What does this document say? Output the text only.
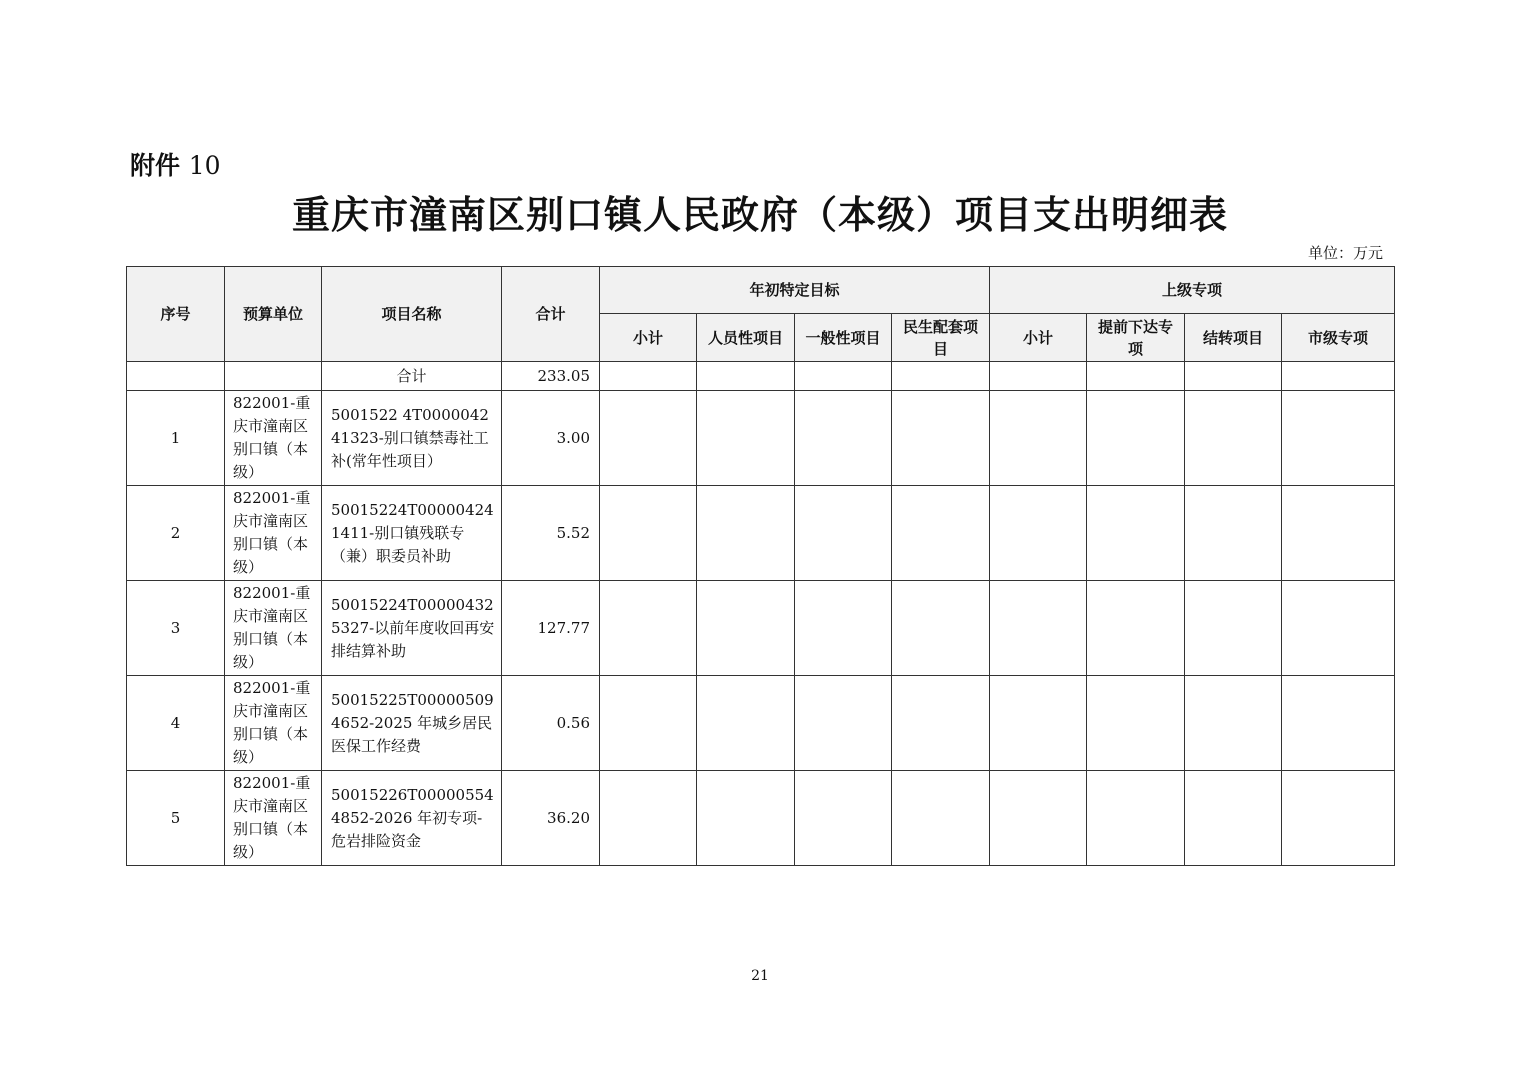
附件 10
重庆市潼南区别口镇人民政府（本级）项目支出明细表
单位：万元
序号	预算单位	项目名称	合计	年初特定目标				上级专项			
				小计	人员性项目	一般性项目	民生配套项目	小计	提前下达专项	结转项目	市级专项
		合计	233.05								
1	822001-重庆市潼南区别口镇（本级）	5001522 4T000004241323-别口镇禁毒社工补(常年性项目）	3.00								
2	822001-重庆市潼南区别口镇（本级）	50015224T000004241411-别口镇残联专（兼）职委员补助	5.52								
3	822001-重庆市潼南区别口镇（本级）	50015224T000004325327-以前年度收回再安排结算补助	127.77								
4	822001-重庆市潼南区别口镇（本级）	50015225T000005094652-2025 年城乡居民医保工作经费	0.56								
5	822001-重庆市潼南区别口镇（本级）	50015226T000005544852-2026 年初专项-危岩排险资金	36.20								
21
